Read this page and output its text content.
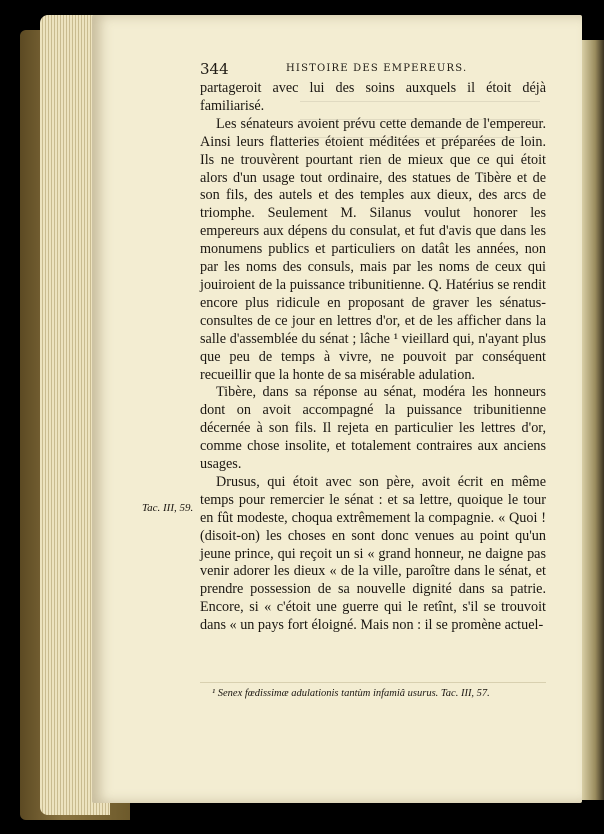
344	HISTOIRE DES EMPEREURS.

partageroit avec lui des soins auxquels il étoit déjà familiarisé.

Les sénateurs avoient prévu cette demande de l'empereur. Ainsi leurs flatteries étoient méditées et préparées de loin. Ils ne trouvèrent pourtant rien de mieux que ce qui étoit alors d'un usage tout ordinaire, des statues de Tibère et de son fils, des autels et des temples aux dieux, des arcs de triomphe. Seulement M. Silanus voulut honorer les empereurs aux dépens du consulat, et fut d'avis que dans les monumens publics et particuliers on datât les années, non par les noms des consuls, mais par les noms de ceux qui jouiroient de la puissance tribunitienne. Q. Hatérius se rendit encore plus ridicule en proposant de graver les sénatus-consultes de ce jour en lettres d'or, et de les afficher dans la salle d'assemblée du sénat ; lâche ¹ vieillard qui, n'ayant plus que peu de temps à vivre, ne pouvoit par conséquent recueillir que la honte de sa misérable adulation.

Tibère, dans sa réponse au sénat, modéra les honneurs dont on avoit accompagné la puissance tribunitienne décernée à son fils. Il rejeta en particulier les lettres d'or, comme chose insolite, et totalement contraires aux anciens usages.

Drusus, qui étoit avec son père, avoit écrit en même temps pour remercier le sénat : et sa lettre, quoique le tour en fût modeste, choqua extrêmement la compagnie. « Quoi ! (disoit-on) les choses en sont donc venues au point qu'un jeune prince, qui reçoit un si « grand honneur, ne daigne pas venir adorer les dieux « de la ville, paroître dans le sénat, et prendre possession de sa nouvelle dignité dans sa patrie. Encore, si « c'étoit une guerre qui le retînt, s'il se trouvoit dans « un pays fort éloigné. Mais non : il se promène actuel-

Tac. III, 59.
¹ Senex fœdissimæ adulationis tantùm infamiâ usurus. Tac. III, 57.
